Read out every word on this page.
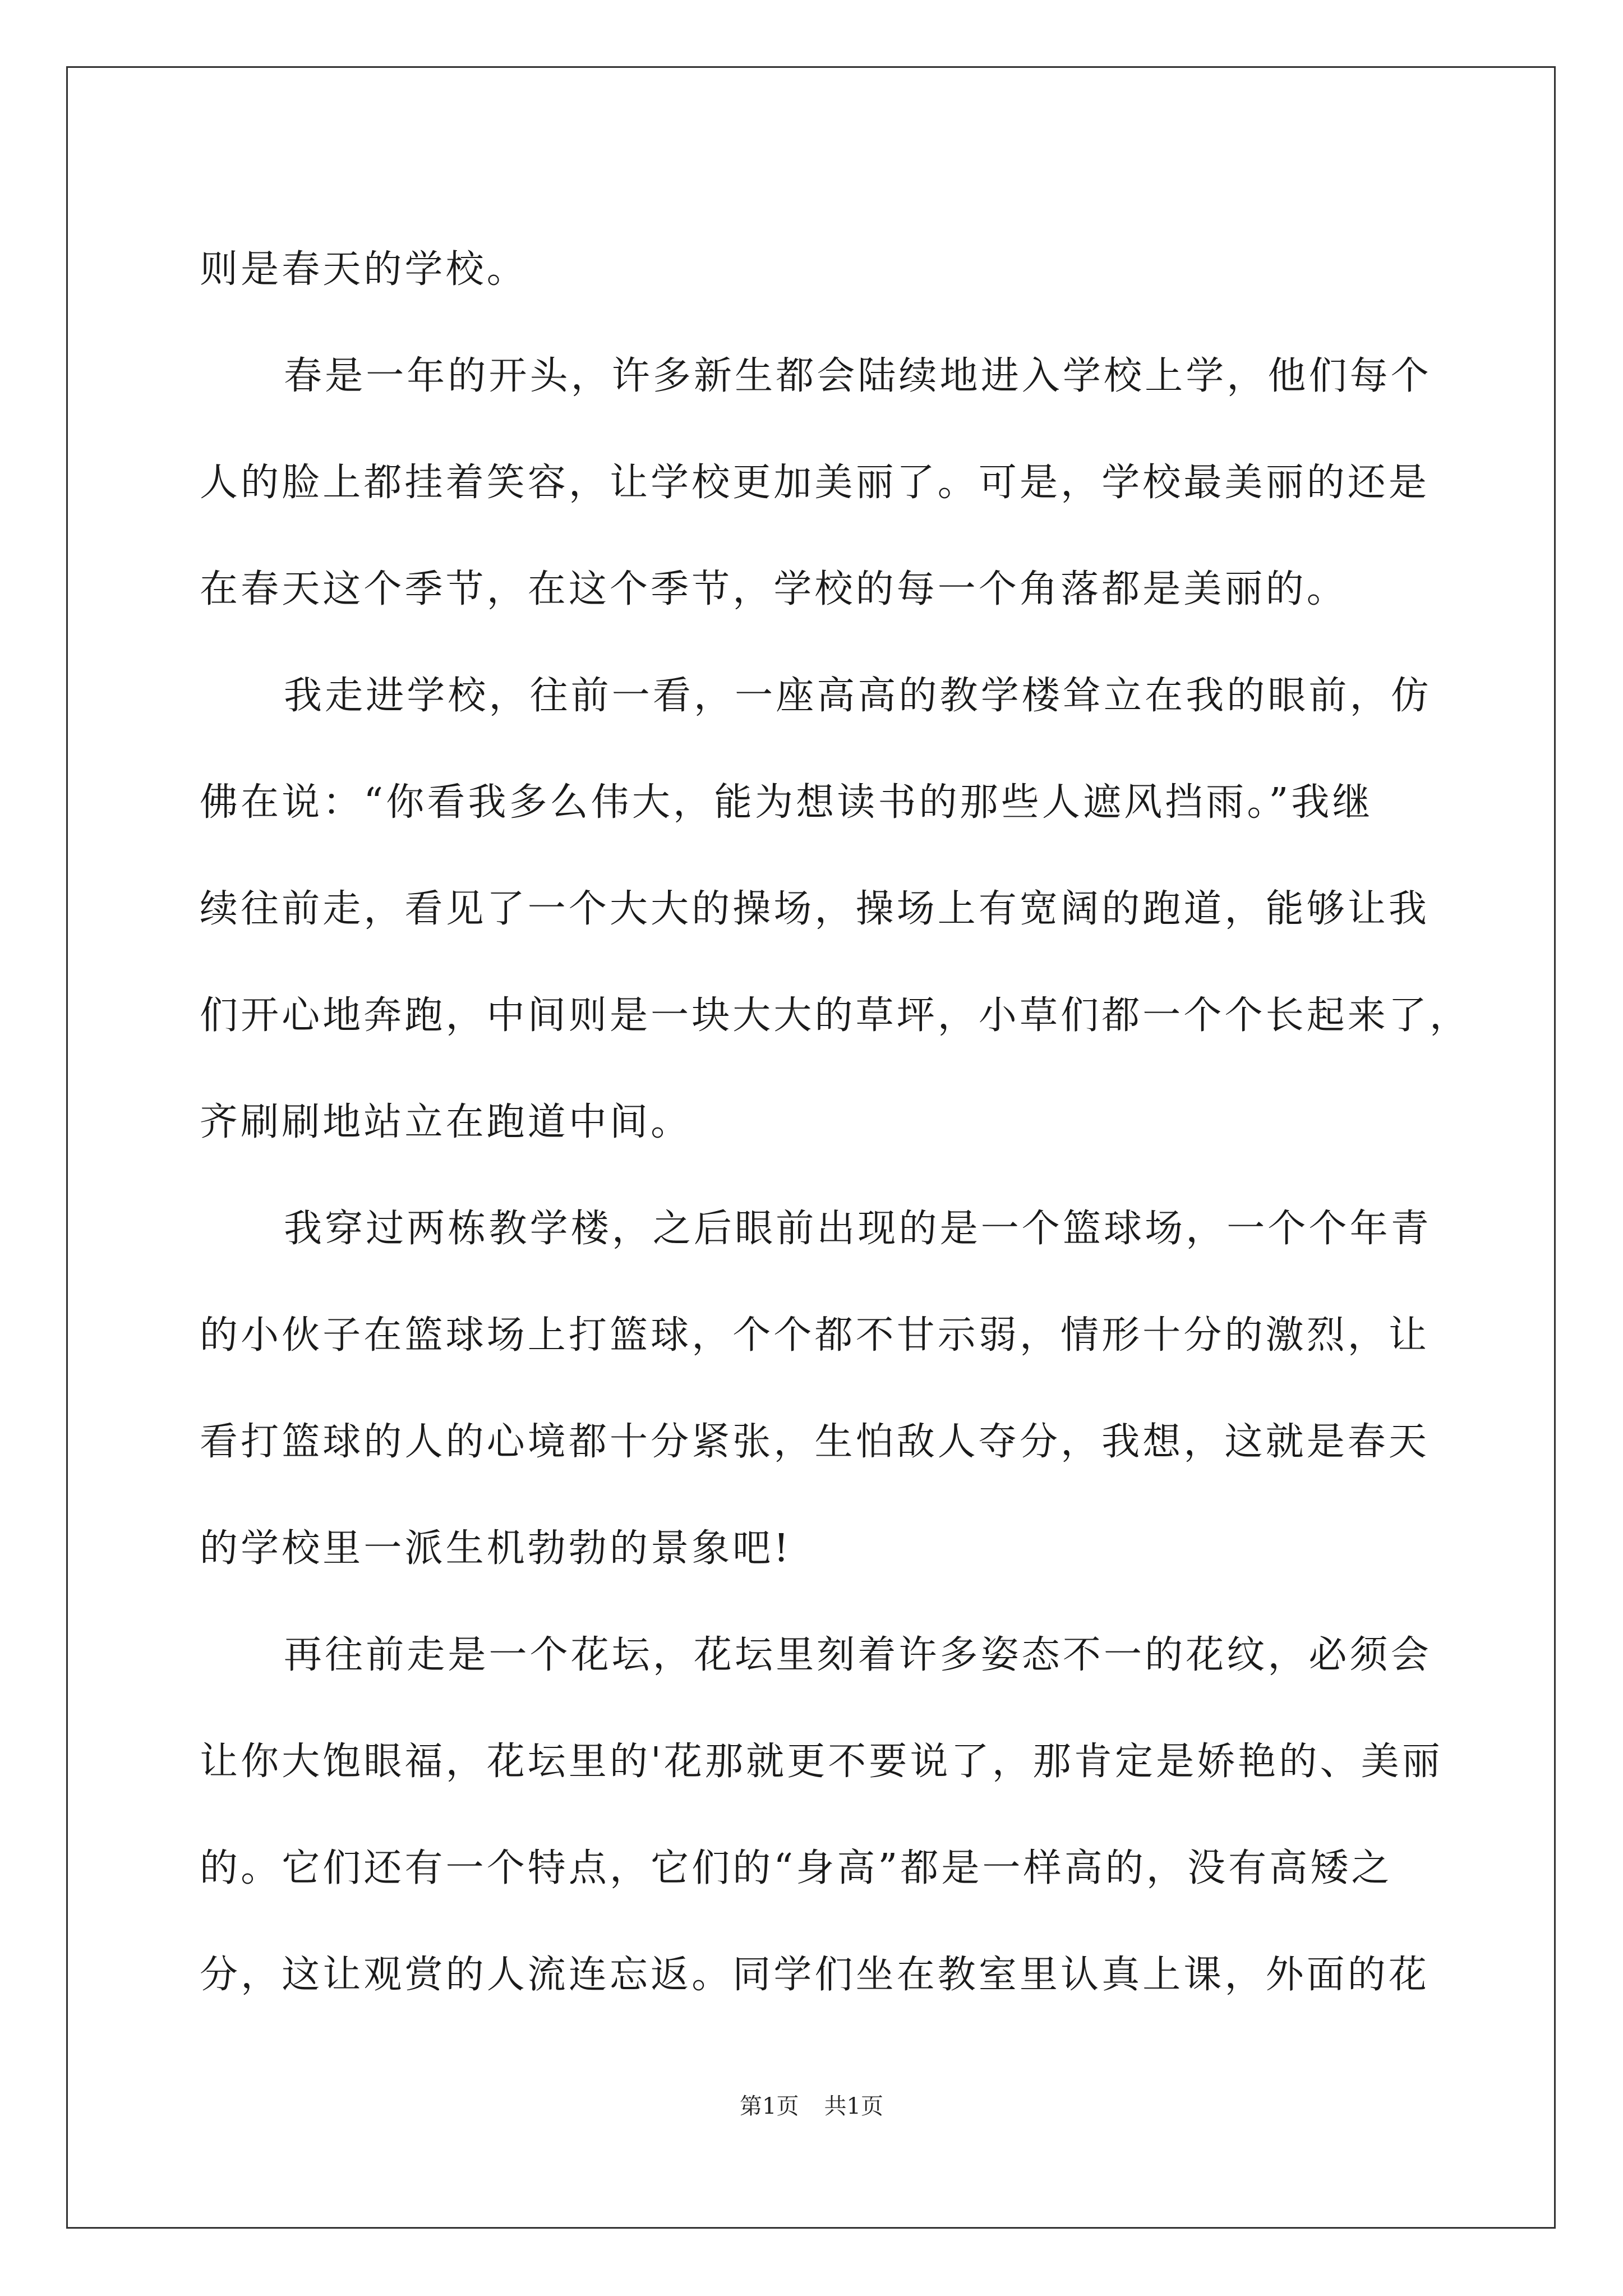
则是春天的学校。
春是一年的开头，许多新生都会陆续地进入学校上学，他们每个
人的脸上都挂着笑容，让学校更加美丽了。可是，学校最美丽的还是
在春天这个季节，在这个季节，学校的每一个角落都是美丽的。
我走进学校，往前一看，一座高高的教学楼耸立在我的眼前，仿
佛在说：“你看我多么伟大，能为想读书的那些人遮风挡雨。”我继
续往前走，看见了一个大大的操场，操场上有宽阔的跑道，能够让我
们开心地奔跑，中间则是一块大大的草坪，小草们都一个个长起来了，
齐刷刷地站立在跑道中间。
我穿过两栋教学楼，之后眼前出现的是一个篮球场，一个个年青
的小伙子在篮球场上打篮球，个个都不甘示弱，情形十分的激烈，让
看打篮球的人的心境都十分紧张，生怕敌人夺分，我想，这就是春天
的学校里一派生机勃勃的景象吧!
再往前走是一个花坛，花坛里刻着许多姿态不一的花纹，必须会
让你大饱眼福，花坛里的'花那就更不要说了，那肯定是娇艳的、美丽
的。它们还有一个特点，它们的“身高”都是一样高的，没有高矮之
分，这让观赏的人流连忘返。同学们坐在教室里认真上课，外面的花
第1页 共1页
